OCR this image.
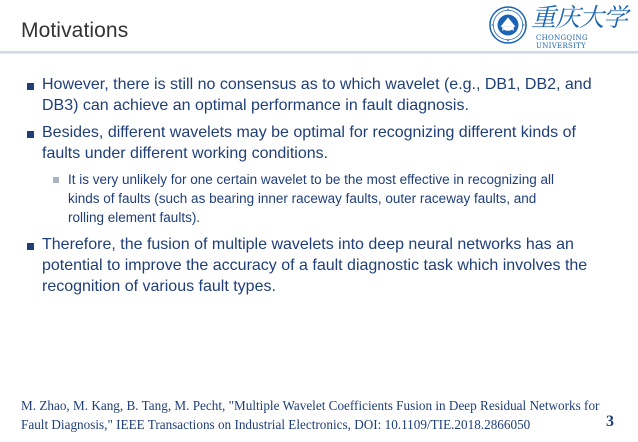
Motivations	重庆大学
CHONGQING UNIVERSITY
However, there is still no consensus as to which wavelet (e.g., DB1, DB2, and
DB3) can achieve an optimal performance in fault diagnosis.
Besides, different wavelets may be optimal for recognizing different kinds of
faults under different working conditions.
It is very unlikely for one certain wavelet to be the most effective in recognizing all
kinds of faults (such as bearing inner raceway faults, outer raceway faults, and
rolling element faults).
Therefore, the fusion of multiple wavelets into deep neural networks has an
potential to improve the accuracy of a fault diagnostic task which involves the
recognition of various fault types.
M. Zhao, M. Kang, B. Tang, M. Pecht, "Multiple Wavelet Coefficients Fusion in Deep Residual Networks for
Fault Diagnosis," IEEE Transactions on Industrial Electronics, DOI: 10.1109/TIE.2018.2866050	3
